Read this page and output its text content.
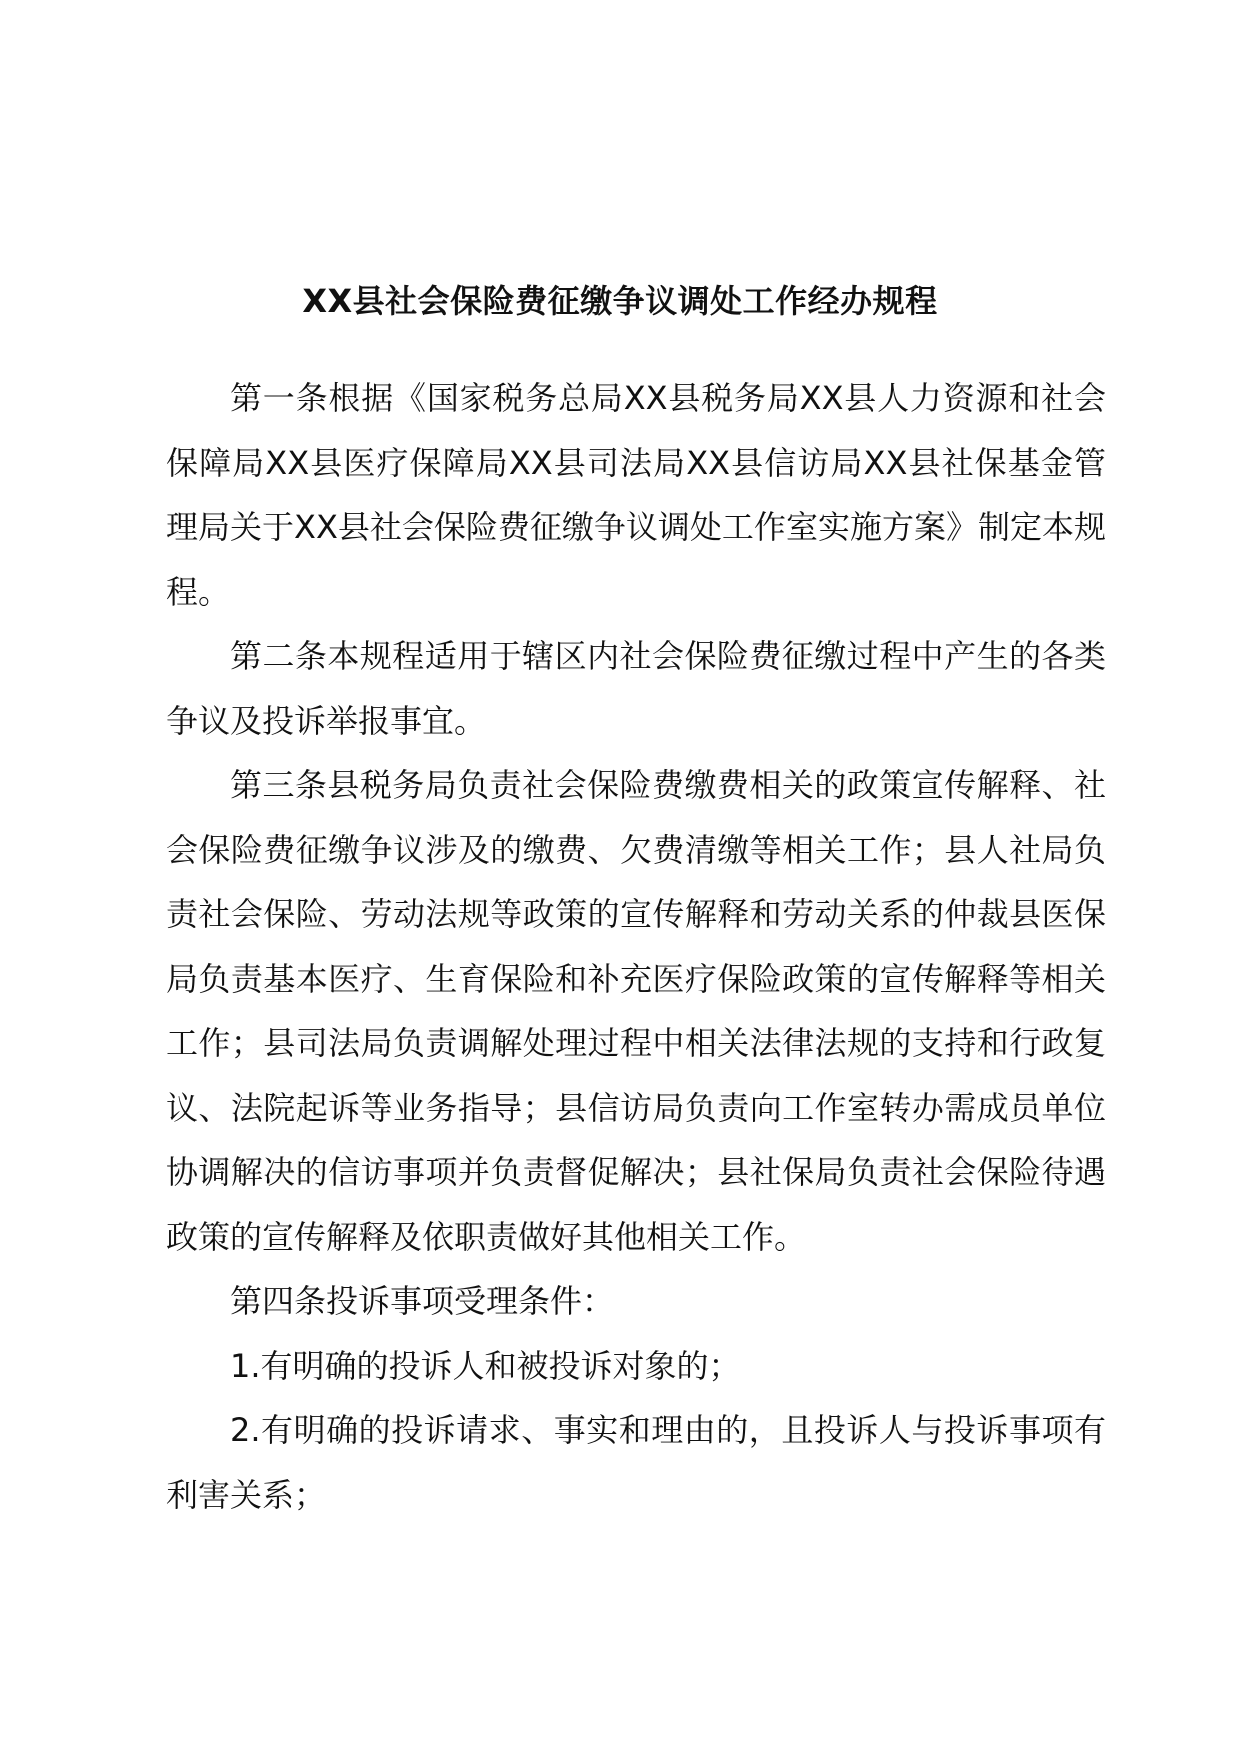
XX县社会保险费征缴争议调处工作经办规程

第一条根据《国家税务总局XX县税务局XX县人力资源和社会保障局XX县医疗保障局XX县司法局XX县信访局XX县社保基金管理局关于XX县社会保险费征缴争议调处工作室实施方案》制定本规程。

第二条本规程适用于辖区内社会保险费征缴过程中产生的各类争议及投诉举报事宜。

第三条县税务局负责社会保险费缴费相关的政策宣传解释、社会保险费征缴争议涉及的缴费、欠费清缴等相关工作；县人社局负责社会保险、劳动法规等政策的宣传解释和劳动关系的仲裁县医保局负责基本医疗、生育保险和补充医疗保险政策的宣传解释等相关工作；县司法局负责调解处理过程中相关法律法规的支持和行政复议、法院起诉等业务指导；县信访局负责向工作室转办需成员单位协调解决的信访事项并负责督促解决；县社保局负责社会保险待遇政策的宣传解释及依职责做好其他相关工作。

第四条投诉事项受理条件：

1.有明确的投诉人和被投诉对象的；

2.有明确的投诉请求、事实和理由的，且投诉人与投诉事项有利害关系；
